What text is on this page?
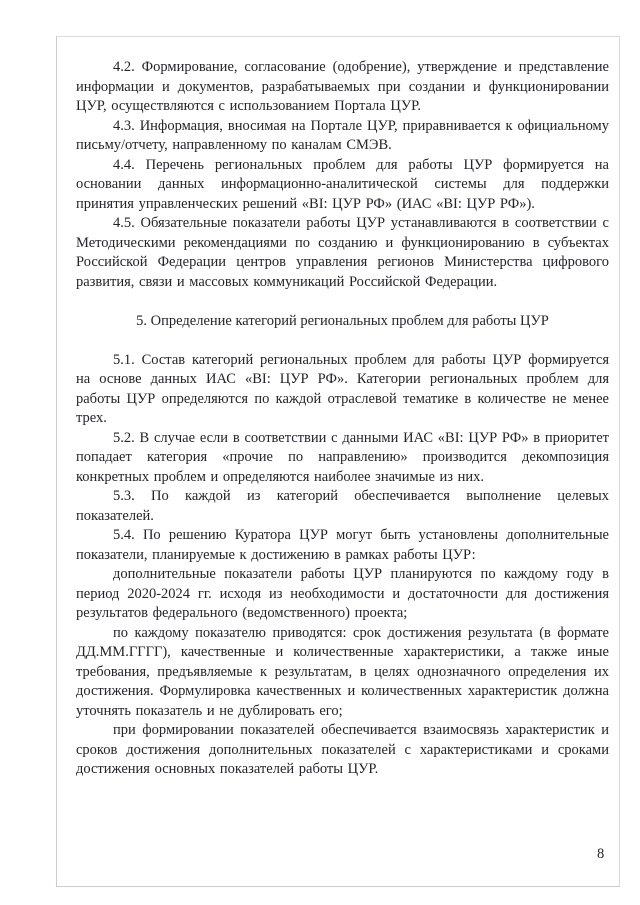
4.2. Формирование, согласование (одобрение), утверждение и представление информации и документов, разрабатываемых при создании и функционировании ЦУР, осуществляются с использованием Портала ЦУР.

4.3. Информация, вносимая на Портале ЦУР, приравнивается к официальному письму/отчету, направленному по каналам СМЭВ.

4.4. Перечень региональных проблем для работы ЦУР формируется на основании данных информационно-аналитической системы для поддержки принятия управленческих решений «BI: ЦУР РФ» (ИАС «BI: ЦУР РФ»).

4.5. Обязательные показатели работы ЦУР устанавливаются в соответствии с Методическими рекомендациями по созданию и функционированию в субъектах Российской Федерации центров управления регионов Министерства цифрового развития, связи и массовых коммуникаций Российской Федерации.

5. Определение категорий региональных проблем для работы ЦУР

5.1. Состав категорий региональных проблем для работы ЦУР формируется на основе данных ИАС «BI: ЦУР РФ». Категории региональных проблем для работы ЦУР определяются по каждой отраслевой тематике в количестве не менее трех.

5.2. В случае если в соответствии с данными ИАС «BI: ЦУР РФ» в приоритет попадает категория «прочие по направлению» производится декомпозиция конкретных проблем и определяются наиболее значимые из них.

5.3. По каждой из категорий обеспечивается выполнение целевых показателей.

5.4. По решению Куратора ЦУР могут быть установлены дополнительные показатели, планируемые к достижению в рамках работы ЦУР:

дополнительные показатели работы ЦУР планируются по каждому году в период 2020-2024 гг. исходя из необходимости и достаточности для достижения результатов федерального (ведомственного) проекта;

по каждому показателю приводятся: срок достижения результата (в формате ДД.ММ.ГГГГ), качественные и количественные характеристики, а также иные требования, предъявляемые к результатам, в целях однозначного определения их достижения. Формулировка качественных и количественных характеристик должна уточнять показатель и не дублировать его;

при формировании показателей обеспечивается взаимосвязь характеристик и сроков достижения дополнительных показателей с характеристиками и сроками достижения основных показателей работы ЦУР.

8
